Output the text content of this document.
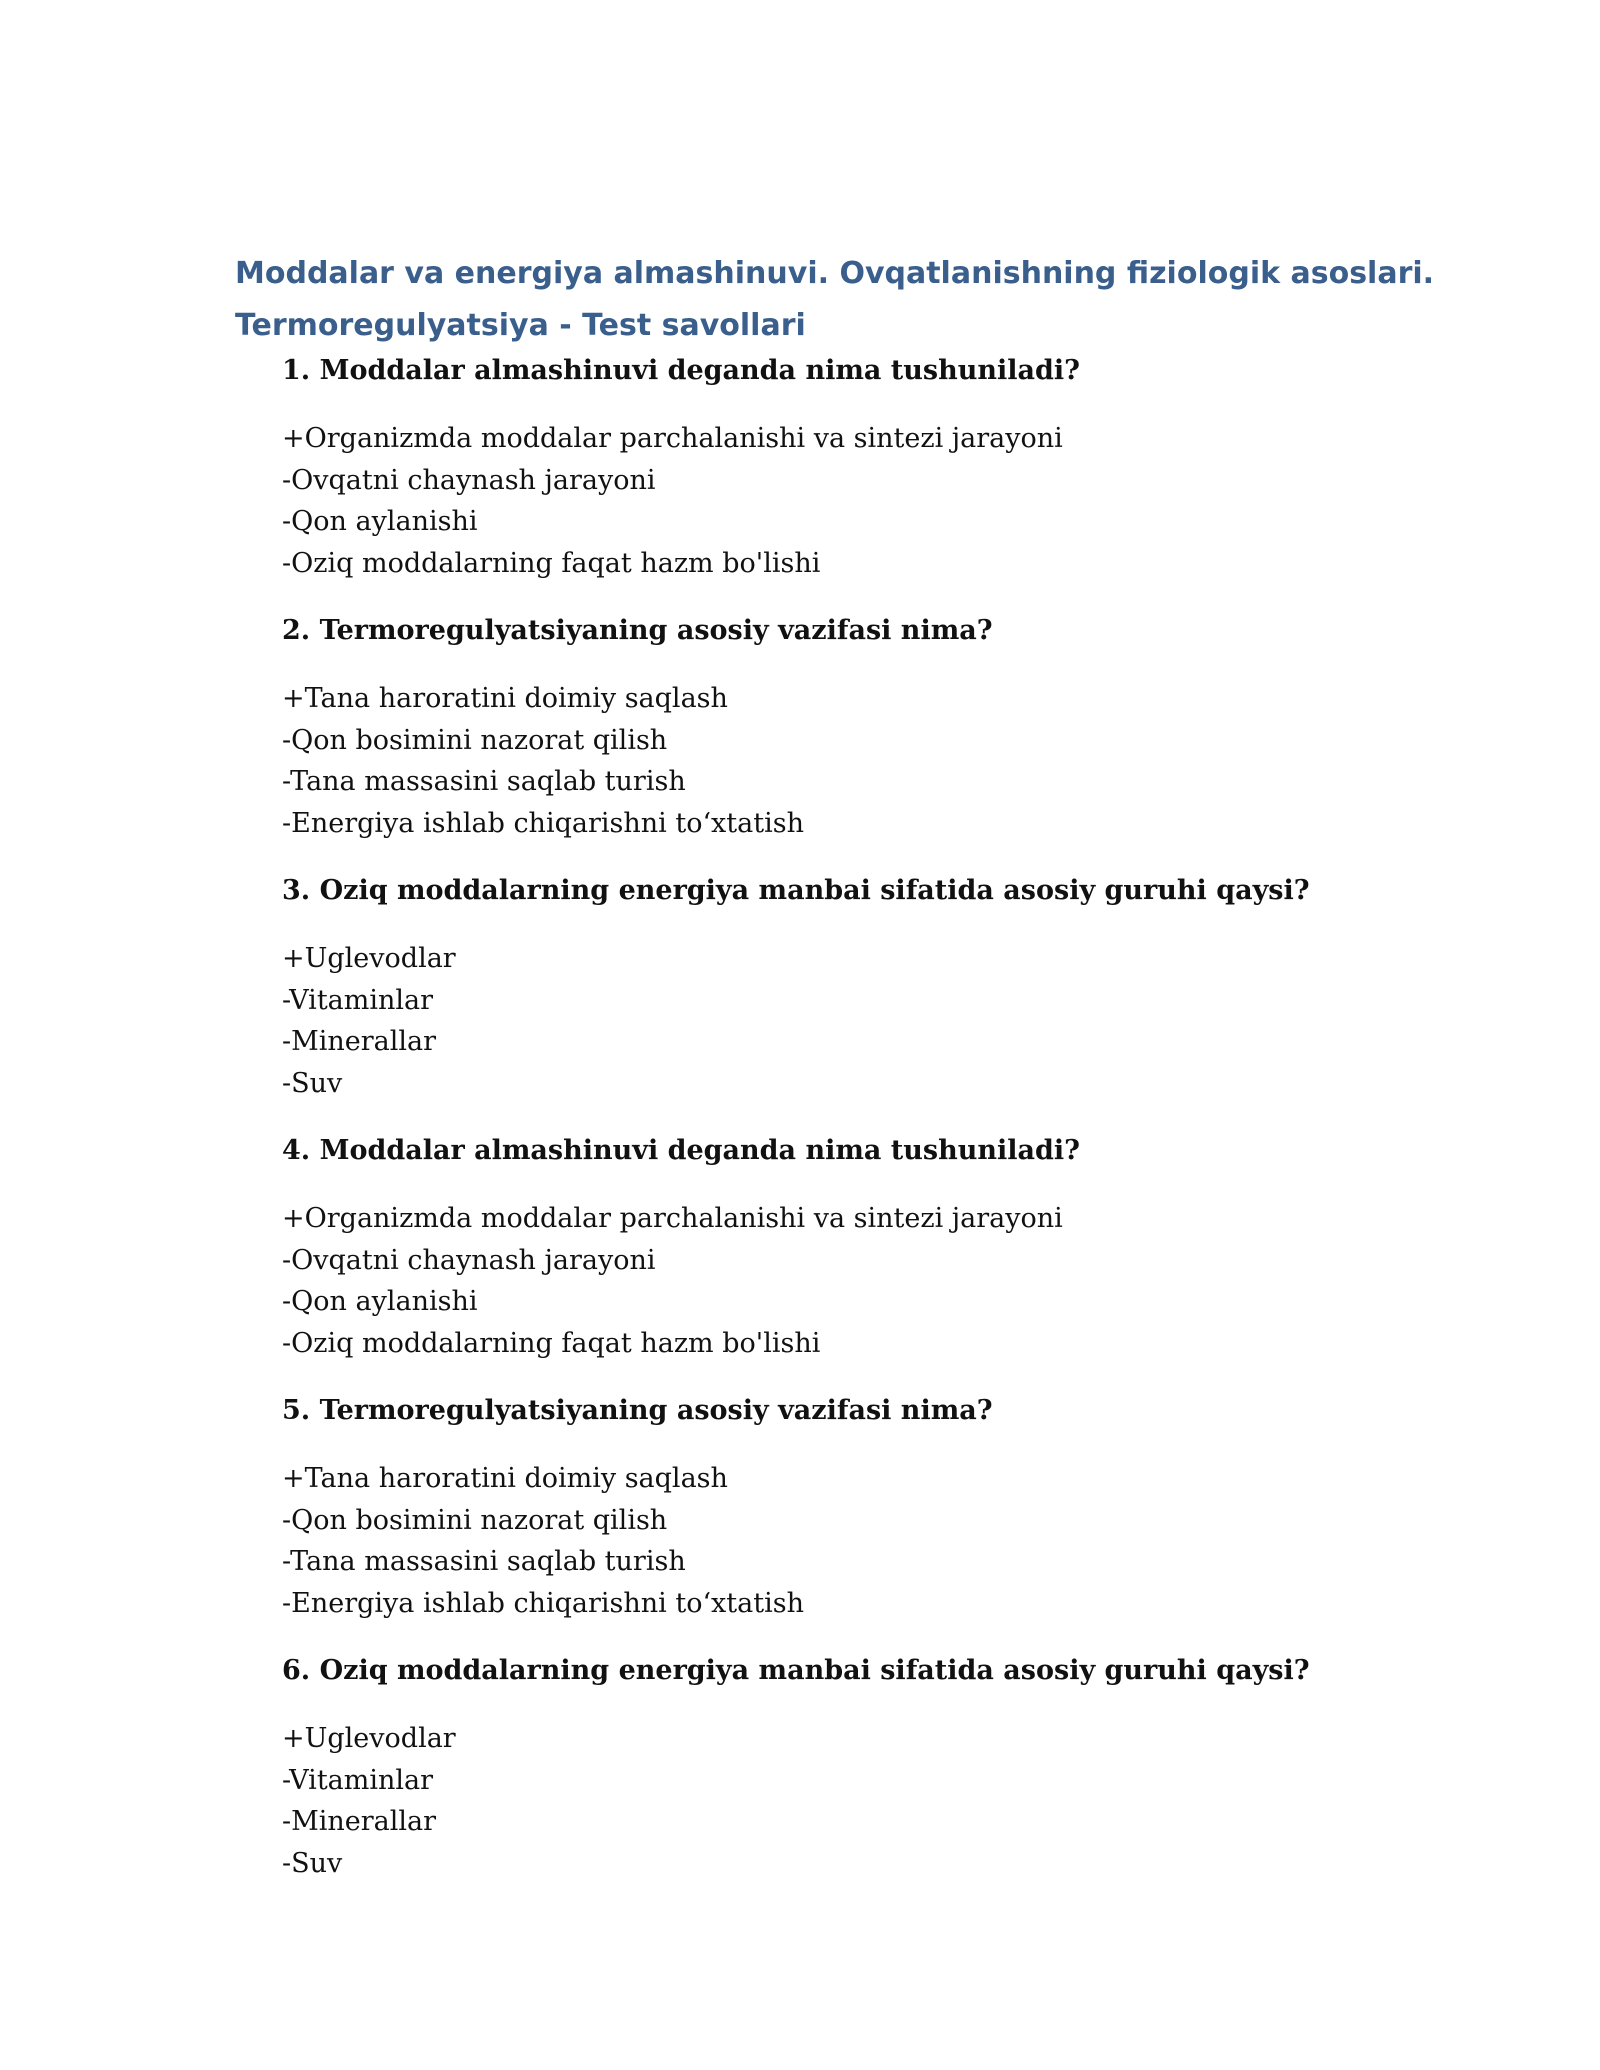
Moddalar va energiya almashinuvi. Ovqatlanishning fiziologik asoslari.
Termoregulyatsiya - Test savollari

1. Moddalar almashinuvi deganda nima tushuniladi?

+Organizmda moddalar parchalanishi va sintezi jarayoni
-Ovqatni chaynash jarayoni
-Qon aylanishi
-Oziq moddalarning faqat hazm bo'lishi

2. Termoregulyatsiyaning asosiy vazifasi nima?

+Tana haroratini doimiy saqlash
-Qon bosimini nazorat qilish
-Tana massasini saqlab turish
-Energiya ishlab chiqarishni to‘xtatish

3. Oziq moddalarning energiya manbai sifatida asosiy guruhi qaysi?

+Uglevodlar
-Vitaminlar
-Minerallar
-Suv

4. Moddalar almashinuvi deganda nima tushuniladi?

+Organizmda moddalar parchalanishi va sintezi jarayoni
-Ovqatni chaynash jarayoni
-Qon aylanishi
-Oziq moddalarning faqat hazm bo'lishi

5. Termoregulyatsiyaning asosiy vazifasi nima?

+Tana haroratini doimiy saqlash
-Qon bosimini nazorat qilish
-Tana massasini saqlab turish
-Energiya ishlab chiqarishni to‘xtatish

6. Oziq moddalarning energiya manbai sifatida asosiy guruhi qaysi?

+Uglevodlar
-Vitaminlar
-Minerallar
-Suv
